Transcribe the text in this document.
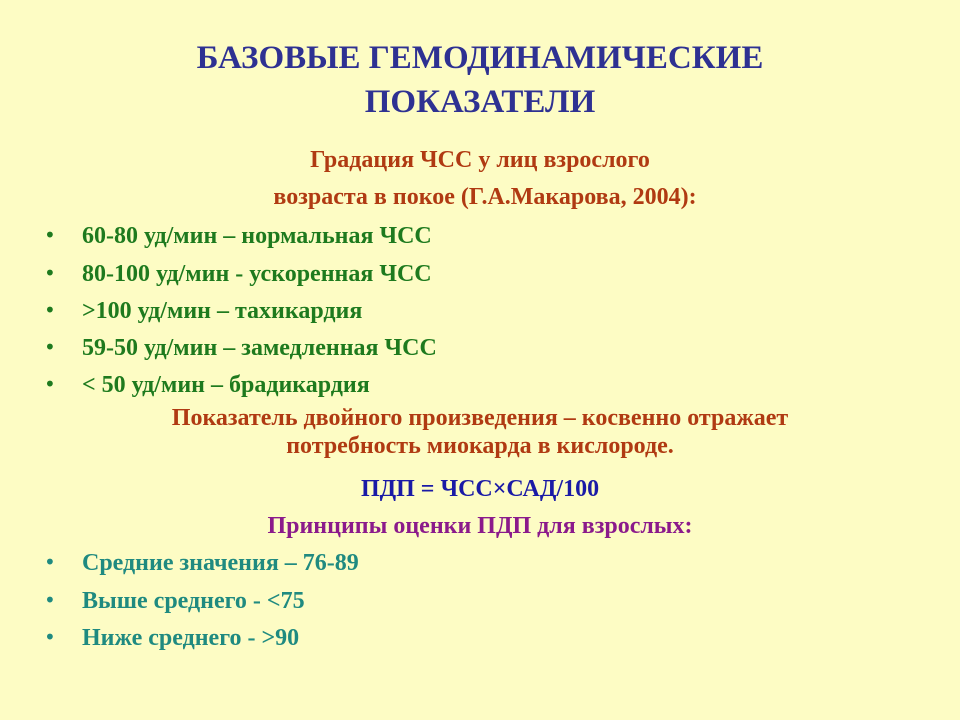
БАЗОВЫЕ ГЕМОДИНАМИЧЕСКИЕ
ПОКАЗАТЕЛИ
Градация ЧСС у лиц взрослого
возраста в покое (Г.А.Макарова, 2004):
•	60-80 уд/мин – нормальная ЧСС
•	80-100 уд/мин - ускоренная ЧСС
•	>100 уд/мин – тахикардия
•	59-50 уд/мин – замедленная ЧСС
•	< 50 уд/мин – брадикардия
Показатель двойного произведения – косвенно отражает
потребность миокарда в кислороде.
ПДП = ЧСС×САД/100
Принципы оценки ПДП для взрослых:
•	Средние значения – 76-89
•	Выше среднего - <75
•	Ниже среднего - >90
